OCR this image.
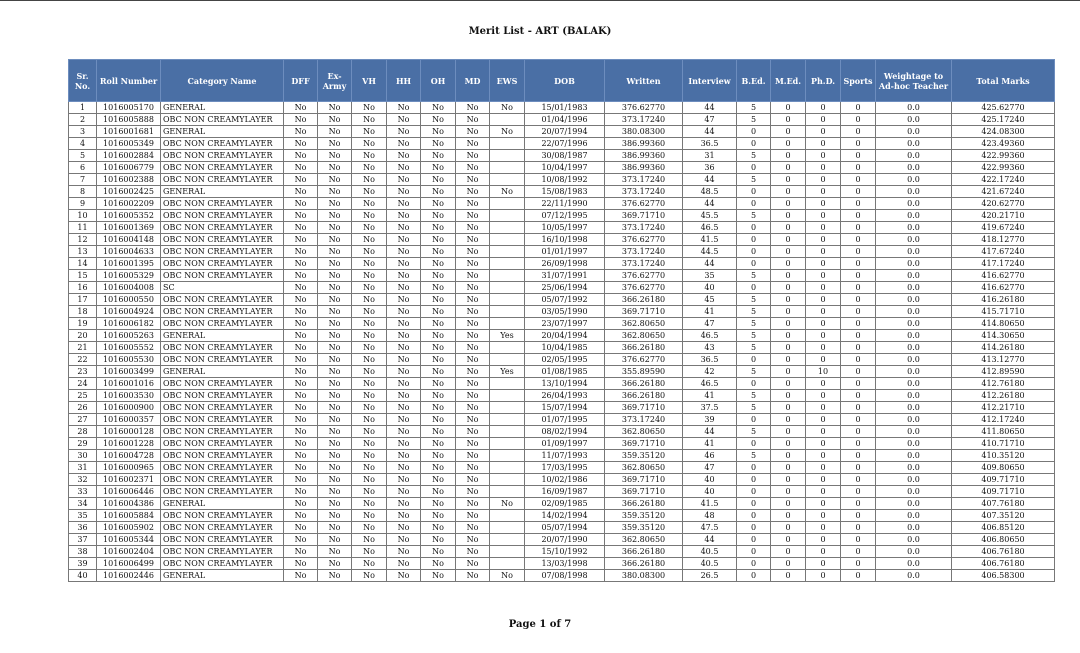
Merit List - ART (BALAK)
Sr. No.	Roll Number	Category Name	DFF	Ex-Army	VH	HH	OH	MD	EWS	DOB	Written	Interview	B.Ed.	M.Ed.	Ph.D.	Sports	Weightage to Ad-hoc Teacher	Total Marks
1	1016005170	GENERAL	No	No	No	No	No	No	No	15/01/1983	376.62770	44	5	0	0	0	0.0	425.62770
2	1016005888	OBC NON CREAMYLAYER	No	No	No	No	No	No		01/04/1996	373.17240	47	5	0	0	0	0.0	425.17240
3	1016001681	GENERAL	No	No	No	No	No	No	No	20/07/1994	380.08300	44	0	0	0	0	0.0	424.08300
4	1016005349	OBC NON CREAMYLAYER	No	No	No	No	No	No		22/07/1996	386.99360	36.5	0	0	0	0	0.0	423.49360
5	1016002884	OBC NON CREAMYLAYER	No	No	No	No	No	No		30/08/1987	386.99360	31	5	0	0	0	0.0	422.99360
6	1016006779	OBC NON CREAMYLAYER	No	No	No	No	No	No		10/04/1997	386.99360	36	0	0	0	0	0.0	422.99360
7	1016002388	OBC NON CREAMYLAYER	No	No	No	No	No	No		10/08/1992	373.17240	44	5	0	0	0	0.0	422.17240
8	1016002425	GENERAL	No	No	No	No	No	No	No	15/08/1983	373.17240	48.5	0	0	0	0	0.0	421.67240
9	1016002209	OBC NON CREAMYLAYER	No	No	No	No	No	No		22/11/1990	376.62770	44	0	0	0	0	0.0	420.62770
10	1016005352	OBC NON CREAMYLAYER	No	No	No	No	No	No		07/12/1995	369.71710	45.5	5	0	0	0	0.0	420.21710
11	1016001369	OBC NON CREAMYLAYER	No	No	No	No	No	No		10/05/1997	373.17240	46.5	0	0	0	0	0.0	419.67240
12	1016004148	OBC NON CREAMYLAYER	No	No	No	No	No	No		16/10/1998	376.62770	41.5	0	0	0	0	0.0	418.12770
13	1016004633	OBC NON CREAMYLAYER	No	No	No	No	No	No		01/01/1997	373.17240	44.5	0	0	0	0	0.0	417.67240
14	1016001395	OBC NON CREAMYLAYER	No	No	No	No	No	No		26/09/1998	373.17240	44	0	0	0	0	0.0	417.17240
15	1016005329	OBC NON CREAMYLAYER	No	No	No	No	No	No		31/07/1991	376.62770	35	5	0	0	0	0.0	416.62770
16	1016004008	SC	No	No	No	No	No	No		25/06/1994	376.62770	40	0	0	0	0	0.0	416.62770
17	1016000550	OBC NON CREAMYLAYER	No	No	No	No	No	No		05/07/1992	366.26180	45	5	0	0	0	0.0	416.26180
18	1016004924	OBC NON CREAMYLAYER	No	No	No	No	No	No		03/05/1990	369.71710	41	5	0	0	0	0.0	415.71710
19	1016006182	OBC NON CREAMYLAYER	No	No	No	No	No	No		23/07/1997	362.80650	47	5	0	0	0	0.0	414.80650
20	1016005263	GENERAL	No	No	No	No	No	No	Yes	20/04/1994	362.80650	46.5	5	0	0	0	0.0	414.30650
21	1016005552	OBC NON CREAMYLAYER	No	No	No	No	No	No		10/04/1985	366.26180	43	5	0	0	0	0.0	414.26180
22	1016005530	OBC NON CREAMYLAYER	No	No	No	No	No	No		02/05/1995	376.62770	36.5	0	0	0	0	0.0	413.12770
23	1016003499	GENERAL	No	No	No	No	No	No	Yes	01/08/1985	355.89590	42	5	0	10	0	0.0	412.89590
24	1016001016	OBC NON CREAMYLAYER	No	No	No	No	No	No		13/10/1994	366.26180	46.5	0	0	0	0	0.0	412.76180
25	1016003530	OBC NON CREAMYLAYER	No	No	No	No	No	No		26/04/1993	366.26180	41	5	0	0	0	0.0	412.26180
26	1016000900	OBC NON CREAMYLAYER	No	No	No	No	No	No		15/07/1994	369.71710	37.5	5	0	0	0	0.0	412.21710
27	1016000357	OBC NON CREAMYLAYER	No	No	No	No	No	No		01/07/1995	373.17240	39	0	0	0	0	0.0	412.17240
28	1016000128	OBC NON CREAMYLAYER	No	No	No	No	No	No		08/02/1994	362.80650	44	5	0	0	0	0.0	411.80650
29	1016001228	OBC NON CREAMYLAYER	No	No	No	No	No	No		01/09/1997	369.71710	41	0	0	0	0	0.0	410.71710
30	1016004728	OBC NON CREAMYLAYER	No	No	No	No	No	No		11/07/1993	359.35120	46	5	0	0	0	0.0	410.35120
31	1016000965	OBC NON CREAMYLAYER	No	No	No	No	No	No		17/03/1995	362.80650	47	0	0	0	0	0.0	409.80650
32	1016002371	OBC NON CREAMYLAYER	No	No	No	No	No	No		10/02/1986	369.71710	40	0	0	0	0	0.0	409.71710
33	1016006446	OBC NON CREAMYLAYER	No	No	No	No	No	No		16/09/1987	369.71710	40	0	0	0	0	0.0	409.71710
34	1016004386	GENERAL	No	No	No	No	No	No	No	02/09/1985	366.26180	41.5	0	0	0	0	0.0	407.76180
35	1016005884	OBC NON CREAMYLAYER	No	No	No	No	No	No		14/02/1994	359.35120	48	0	0	0	0	0.0	407.35120
36	1016005902	OBC NON CREAMYLAYER	No	No	No	No	No	No		05/07/1994	359.35120	47.5	0	0	0	0	0.0	406.85120
37	1016005344	OBC NON CREAMYLAYER	No	No	No	No	No	No		20/07/1990	362.80650	44	0	0	0	0	0.0	406.80650
38	1016002404	OBC NON CREAMYLAYER	No	No	No	No	No	No		15/10/1992	366.26180	40.5	0	0	0	0	0.0	406.76180
39	1016006499	OBC NON CREAMYLAYER	No	No	No	No	No	No		13/03/1998	366.26180	40.5	0	0	0	0	0.0	406.76180
40	1016002446	GENERAL	No	No	No	No	No	No	No	07/08/1998	380.08300	26.5	0	0	0	0	0.0	406.58300
Page 1 of 7
